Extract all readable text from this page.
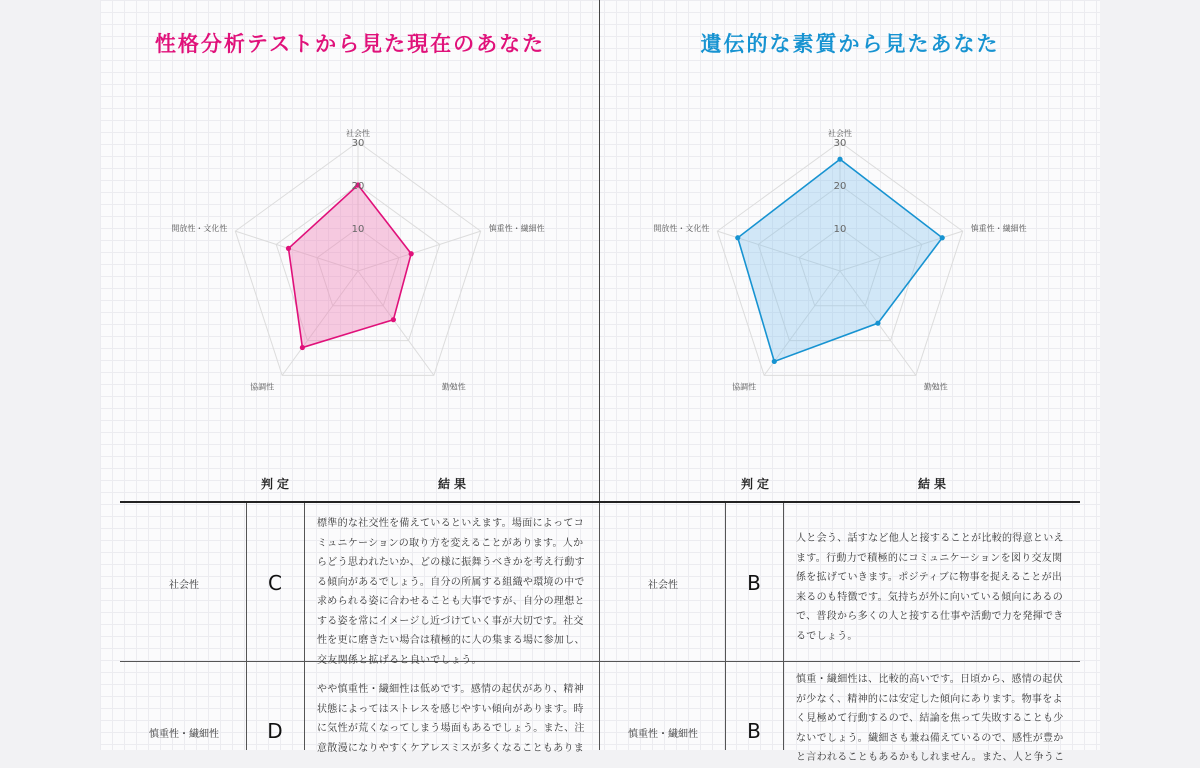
性格分析テストから見た現在のあなた	遺伝的な素質から見たあなた
10
20
30
社会性
慎重性・繊細性
勤勉性
協調性
開放性・文化性	10
20
30
社会性
慎重性・繊細性
勤勉性
協調性
開放性・文化性
判定	結果	判定	結果
社会性	C
標準的な社交性を備えているといえます。場面によってコミュニケーションの取り方を変えることがあります。人からどう思われたいか、どの様に振舞うべきかを考え行動する傾向があるでしょう。自分の所属する組織や環境の中で求められる姿に合わせることも大事ですが、自分の理想とする姿を常にイメージし近づけていく事が大切です。社交性を更に磨きたい場合は積極的に人の集まる場に参加し、交友関係と拡げると良いでしょう。
慎重性・繊細性	D
やや慎重性・繊細性は低めです。感情の起伏があり、精神状態によってはストレスを感じやすい傾向があります。時に気性が荒くなってしまう場面もあるでしょう。また、注意散漫になりやすくケアレスミスが多くなることもありま
社会性	B
人と会う、話すなど他人と接することが比較的得意といえます。行動力で積極的にコミュニケーションを図り交友関係を拡げていきます。ポジティブに物事を捉えることが出来るのも特徴です。気持ちが外に向いている傾向にあるので、普段から多くの人と接する仕事や活動で力を発揮できるでしょう。
慎重性・繊細性	B
慎重・繊細性は、比較的高いです。日頃から、感情の起伏が少なく、精神的には安定した傾向にあります。物事をよく見極めて行動するので、結論を焦って失敗することも少ないでしょう。繊細さも兼ね備えているので、感性が豊かと言われることもあるかもしれません。また、人と争うこ
